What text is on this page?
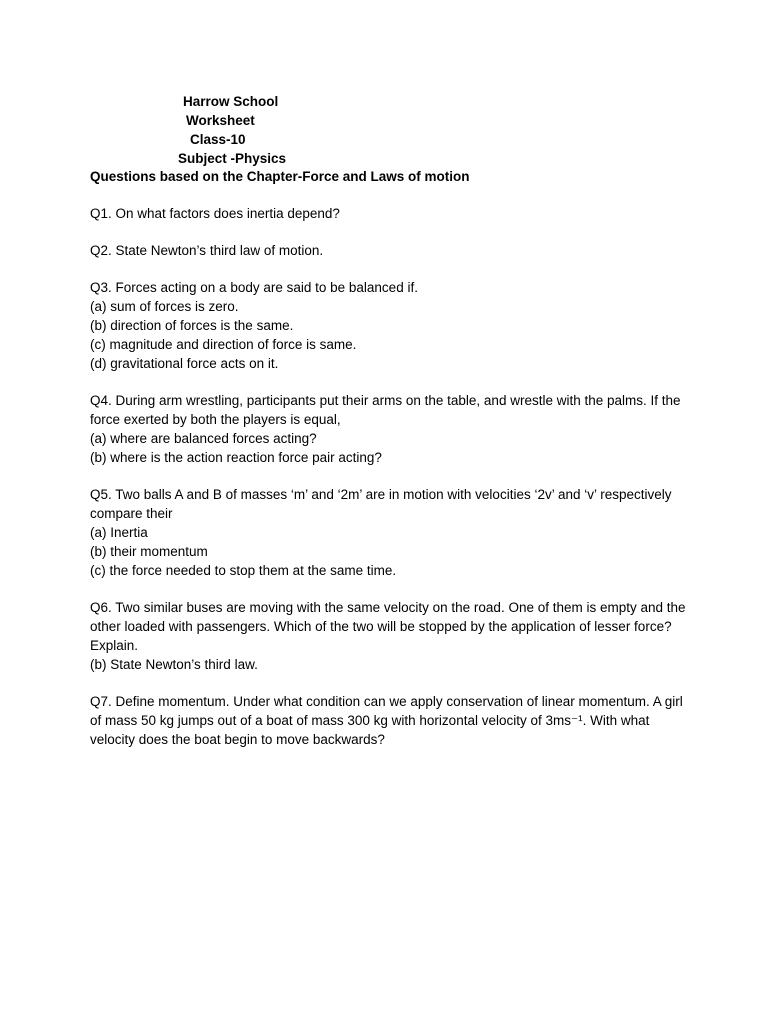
Harrow School
Worksheet
Class-10
Subject -Physics

Questions based on the Chapter-Force and Laws of motion

Q1. On what factors does inertia depend?

Q2. State Newton’s third law of motion.

Q3. Forces acting on a body are said to be balanced if.
(a) sum of forces is zero.
(b) direction of forces is the same.
(c) magnitude and direction of force is same.
(d) gravitational force acts on it.
Q4. During arm wrestling, participants put their arms on the table, and wrestle with the palms. If the force exerted by both the players is equal,
(a) where are balanced forces acting?
(b) where is the action reaction force pair acting?
Q5. Two balls A and B of masses ‘m’ and ‘2m’ are in motion with velocities ‘2v’ and ‘v’ respectively compare their
(a) Inertia
(b) their momentum
(c) the force needed to stop them at the same time.
Q6. Two similar buses are moving with the same velocity on the road. One of them is empty and the other loaded with passengers. Which of the two will be stopped by the application of lesser force? Explain.
(b) State Newton’s third law.

Q7. Define momentum. Under what condition can we apply conservation of linear momentum. A girl of mass 50 kg jumps out of a boat of mass 300 kg with horizontal velocity of 3ms⁻¹. With what velocity does the boat begin to move backwards?
